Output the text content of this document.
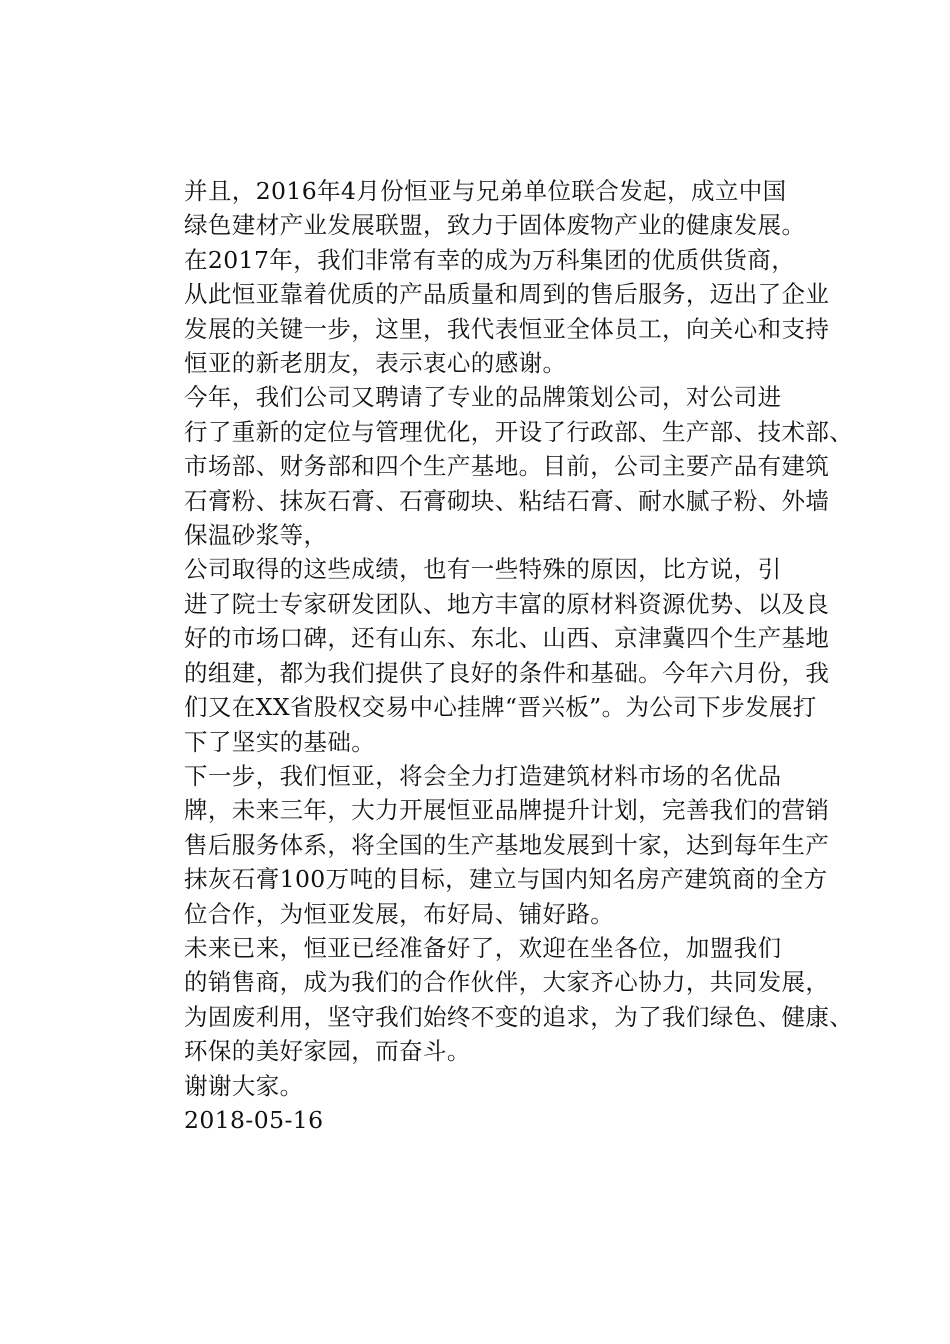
并且，2016年4月份恒亚与兄弟单位联合发起，成立中国
绿色建材产业发展联盟，致力于固体废物产业的健康发展。

在2017年，我们非常有幸的成为万科集团的优质供货商，
从此恒亚靠着优质的产品质量和周到的售后服务，迈出了企业
发展的关键一步，这里，我代表恒亚全体员工，向关心和支持
恒亚的新老朋友，表示衷心的感谢。

今年，我们公司又聘请了专业的品牌策划公司，对公司进
行了重新的定位与管理优化，开设了行政部、生产部、技术部、
市场部、财务部和四个生产基地。目前，公司主要产品有建筑
石膏粉、抹灰石膏、石膏砌块、粘结石膏、耐水腻子粉、外墙
保温砂浆等，

公司取得的这些成绩，也有一些特殊的原因，比方说，引
进了院士专家研发团队、地方丰富的原材料资源优势、以及良
好的市场口碑，还有山东、东北、山西、京津冀四个生产基地
的组建，都为我们提供了良好的条件和基础。今年六月份，我
们又在XX省股权交易中心挂牌“晋兴板”。为公司下步发展打
下了坚实的基础。

下一步，我们恒亚，将会全力打造建筑材料市场的名优品
牌，未来三年，大力开展恒亚品牌提升计划，完善我们的营销
售后服务体系，将全国的生产基地发展到十家，达到每年生产
抹灰石膏100万吨的目标，建立与国内知名房产建筑商的全方
位合作，为恒亚发展，布好局、铺好路。

未来已来，恒亚已经准备好了，欢迎在坐各位，加盟我们
的销售商，成为我们的合作伙伴，大家齐心协力，共同发展，
为固废利用，坚守我们始终不变的追求，为了我们绿色、健康、
环保的美好家园，而奋斗。

谢谢大家。

2018-05-16
